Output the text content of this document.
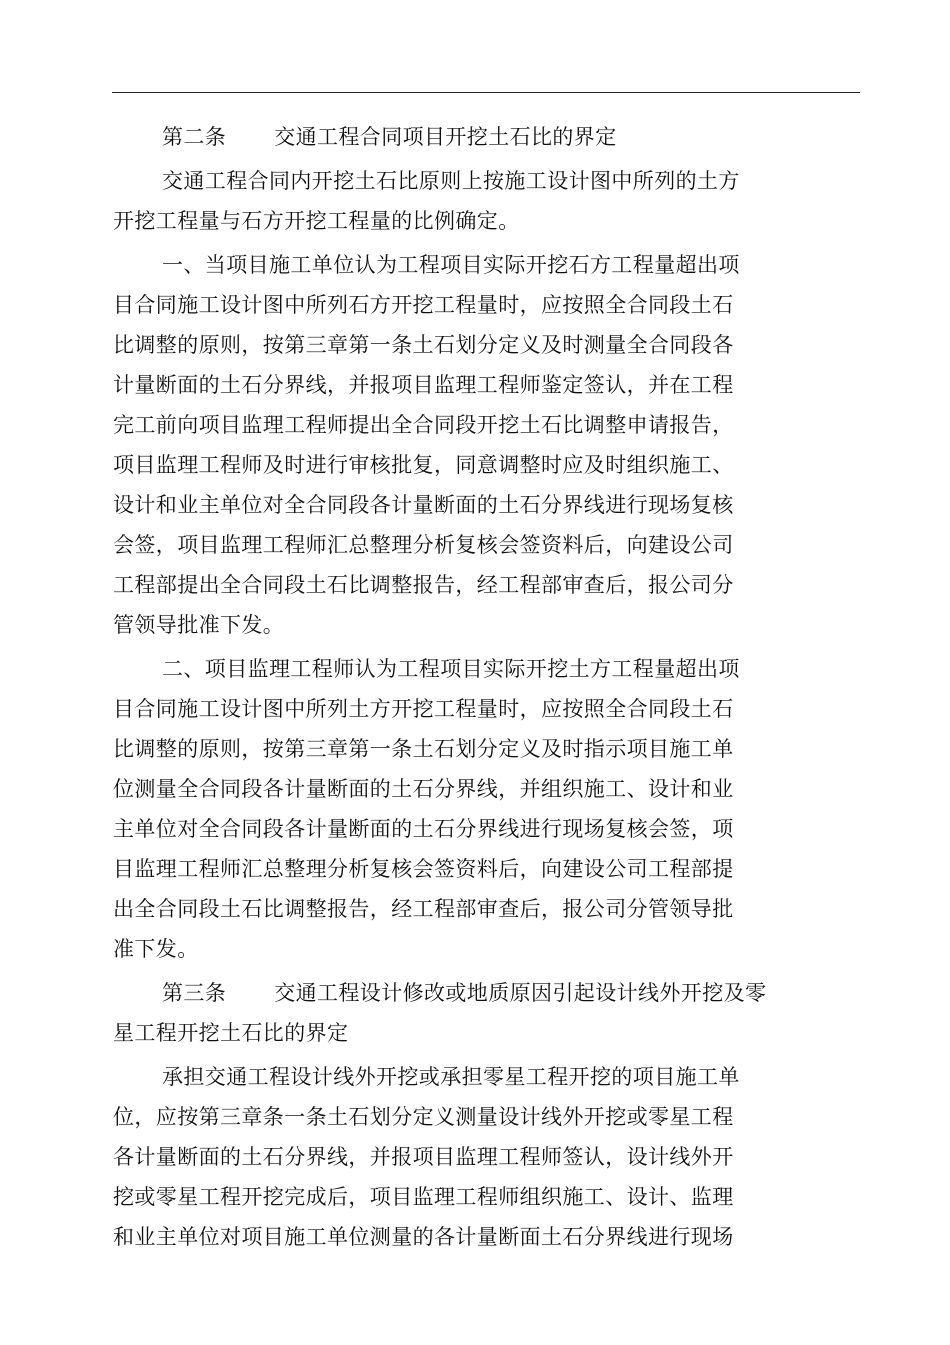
第二条 交通工程合同项目开挖土石比的界定
交通工程合同内开挖土石比原则上按施工设计图中所列的土方
开挖工程量与石方开挖工程量的比例确定。
一、当项目施工单位认为工程项目实际开挖石方工程量超出项
目合同施工设计图中所列石方开挖工程量时，应按照全合同段土石
比调整的原则，按第三章第一条土石划分定义及时测量全合同段各
计量断面的土石分界线，并报项目监理工程师鉴定签认，并在工程
完工前向项目监理工程师提出全合同段开挖土石比调整申请报告，
项目监理工程师及时进行审核批复，同意调整时应及时组织施工、
设计和业主单位对全合同段各计量断面的土石分界线进行现场复核
会签，项目监理工程师汇总整理分析复核会签资料后，向建设公司
工程部提出全合同段土石比调整报告，经工程部审查后，报公司分
管领导批准下发。
二、项目监理工程师认为工程项目实际开挖土方工程量超出项
目合同施工设计图中所列土方开挖工程量时，应按照全合同段土石
比调整的原则，按第三章第一条土石划分定义及时指示项目施工单
位测量全合同段各计量断面的土石分界线，并组织施工、设计和业
主单位对全合同段各计量断面的土石分界线进行现场复核会签，项
目监理工程师汇总整理分析复核会签资料后，向建设公司工程部提
出全合同段土石比调整报告，经工程部审查后，报公司分管领导批
准下发。
第三条 交通工程设计修改或地质原因引起设计线外开挖及零
星工程开挖土石比的界定
承担交通工程设计线外开挖或承担零星工程开挖的项目施工单
位，应按第三章条一条土石划分定义测量设计线外开挖或零星工程
各计量断面的土石分界线，并报项目监理工程师签认，设计线外开
挖或零星工程开挖完成后，项目监理工程师组织施工、设计、监理
和业主单位对项目施工单位测量的各计量断面土石分界线进行现场
